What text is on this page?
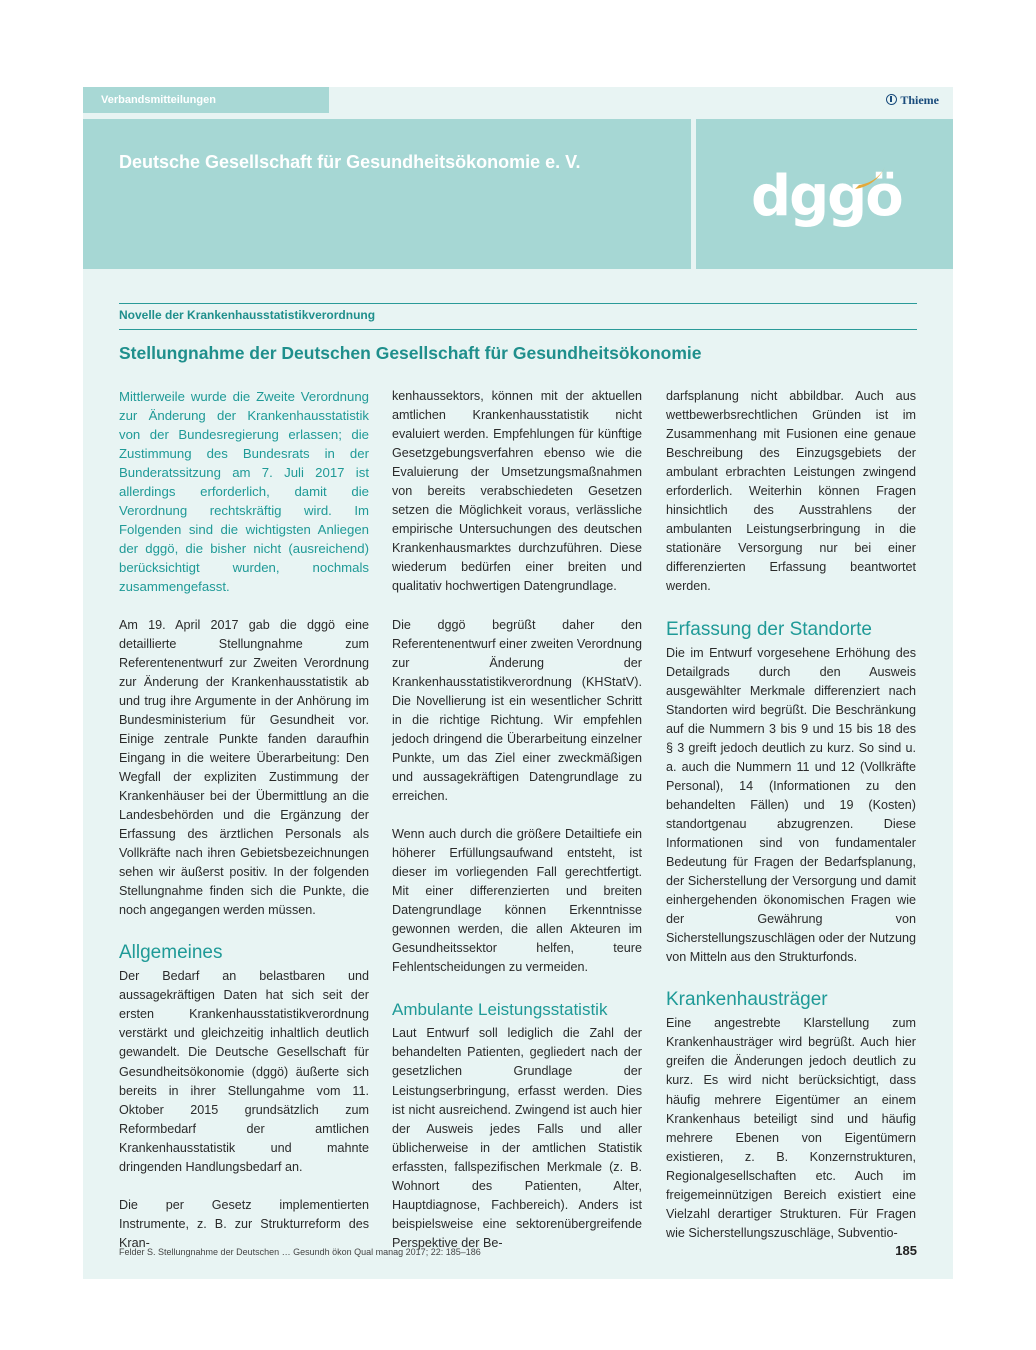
Verbandsmitteilungen	Thieme
Deutsche Gesellschaft für Gesundheitsökonomie e. V.
dggö
Novelle der Krankenhausstatistikverordnung
Stellungnahme der Deutschen Gesellschaft für Gesundheitsökonomie

Mittlerweile wurde die Zweite Verordnung zur Änderung der Krankenhausstatistik von der Bundesregierung erlassen; die Zustimmung des Bundesrats in der Bunderatssitzung am 7. Juli 2017 ist allerdings erforderlich, damit die Verordnung rechtskräftig wird. Im Folgenden sind die wichtigsten Anliegen der dggö, die bisher nicht (ausreichend) berücksichtigt wurden, nochmals zusammengefasst.

Am 19. April 2017 gab die dggö eine detaillierte Stellungnahme zum Referentenentwurf zur Zweiten Verordnung zur Änderung der Krankenhausstatistik ab und trug ihre Argumente in der Anhörung im Bundesministerium für Gesundheit vor. Einige zentrale Punkte fanden daraufhin Eingang in die weitere Überarbeitung: Den Wegfall der expliziten Zustimmung der Krankenhäuser bei der Übermittlung an die Landesbehörden und die Ergänzung der Erfassung des ärztlichen Personals als Vollkräfte nach ihren Gebietsbezeichnungen sehen wir äußerst positiv. In der folgenden Stellungnahme finden sich die Punkte, die noch angegangen werden müssen.

Allgemeines

Der Bedarf an belastbaren und aussagekräftigen Daten hat sich seit der ersten Krankenhausstatistikverordnung verstärkt und gleichzeitig inhaltlich deutlich gewandelt. Die Deutsche Gesellschaft für Gesundheitsökonomie (dggö) äußerte sich bereits in ihrer Stellungahme vom 11. Oktober 2015 grundsätzlich zum Reformbedarf der amtlichen Krankenhausstatistik und mahnte dringenden Handlungsbedarf an.

Die per Gesetz implementierten Instrumente, z. B. zur Strukturreform des Kran-

kenhaussektors, können mit der aktuellen amtlichen Krankenhausstatistik nicht evaluiert werden. Empfehlungen für künftige Gesetzgebungsverfahren ebenso wie die Evaluierung der Umsetzungsmaßnahmen von bereits verabschiedeten Gesetzen setzen die Möglichkeit voraus, verlässliche empirische Untersuchungen des deutschen Krankenhausmarktes durchzuführen. Diese wiederum bedürfen einer breiten und qualitativ hochwertigen Datengrundlage.

Die dggö begrüßt daher den Referentenentwurf einer zweiten Verordnung zur Änderung der Krankenhausstatistikverordnung (KHStatV). Die Novellierung ist ein wesentlicher Schritt in die richtige Richtung. Wir empfehlen jedoch dringend die Überarbeitung einzelner Punkte, um das Ziel einer zweckmäßigen und aussagekräftigen Datengrundlage zu erreichen.

Wenn auch durch die größere Detailtiefe ein höherer Erfüllungsaufwand entsteht, ist dieser im vorliegenden Fall gerechtfertigt. Mit einer differenzierten und breiten Datengrundlage können Erkenntnisse gewonnen werden, die allen Akteuren im Gesundheitssektor helfen, teure Fehlentscheidungen zu vermeiden.

Ambulante Leistungsstatistik

Laut Entwurf soll lediglich die Zahl der behandelten Patienten, gegliedert nach der gesetzlichen Grundlage der Leistungserbringung, erfasst werden. Dies ist nicht ausreichend. Zwingend ist auch hier der Ausweis jedes Falls und aller üblicherweise in der amtlichen Statistik erfassten, fallspezifischen Merkmale (z. B. Wohnort des Patienten, Alter, Hauptdiagnose, Fachbereich). Anders ist beispielsweise eine sektorenübergreifende Perspektive der Be-

darfsplanung nicht abbildbar. Auch aus wettbewerbsrechtlichen Gründen ist im Zusammenhang mit Fusionen eine genaue Beschreibung des Einzugsgebiets der ambulant erbrachten Leistungen zwingend erforderlich. Weiterhin können Fragen hinsichtlich des Ausstrahlens der ambulanten Leistungserbringung in die stationäre Versorgung nur bei einer differenzierten Erfassung beantwortet werden.

Erfassung der Standorte

Die im Entwurf vorgesehene Erhöhung des Detailgrads durch den Ausweis ausgewählter Merkmale differenziert nach Standorten wird begrüßt. Die Beschränkung auf die Nummern 3 bis 9 und 15 bis 18 des § 3 greift jedoch deutlich zu kurz. So sind u. a. auch die Nummern 11 und 12 (Vollkräfte Personal), 14 (Informationen zu den behandelten Fällen) und 19 (Kosten) standortgenau abzugrenzen. Diese Informationen sind von fundamentaler Bedeutung für Fragen der Bedarfsplanung, der Sicherstellung der Versorgung und damit einhergehenden ökonomischen Fragen wie der Gewährung von Sicherstellungszuschlägen oder der Nutzung von Mitteln aus den Strukturfonds.

Krankenhausträger

Eine angestrebte Klarstellung zum Krankenhausträger wird begrüßt. Auch hier greifen die Änderungen jedoch deutlich zu kurz. Es wird nicht berücksichtigt, dass häufig mehrere Eigentümer an einem Krankenhaus beteiligt sind und häufig mehrere Ebenen von Eigentümern existieren, z. B. Konzernstrukturen, Regionalgesellschaften etc. Auch im freigemeinnützigen Bereich existiert eine Vielzahl derartiger Strukturen. Für Fragen wie Sicherstellungszuschläge, Subventio-

Felder S. Stellungnahme der Deutschen … Gesundh ökon Qual manag 2017; 22: 185–186	185
